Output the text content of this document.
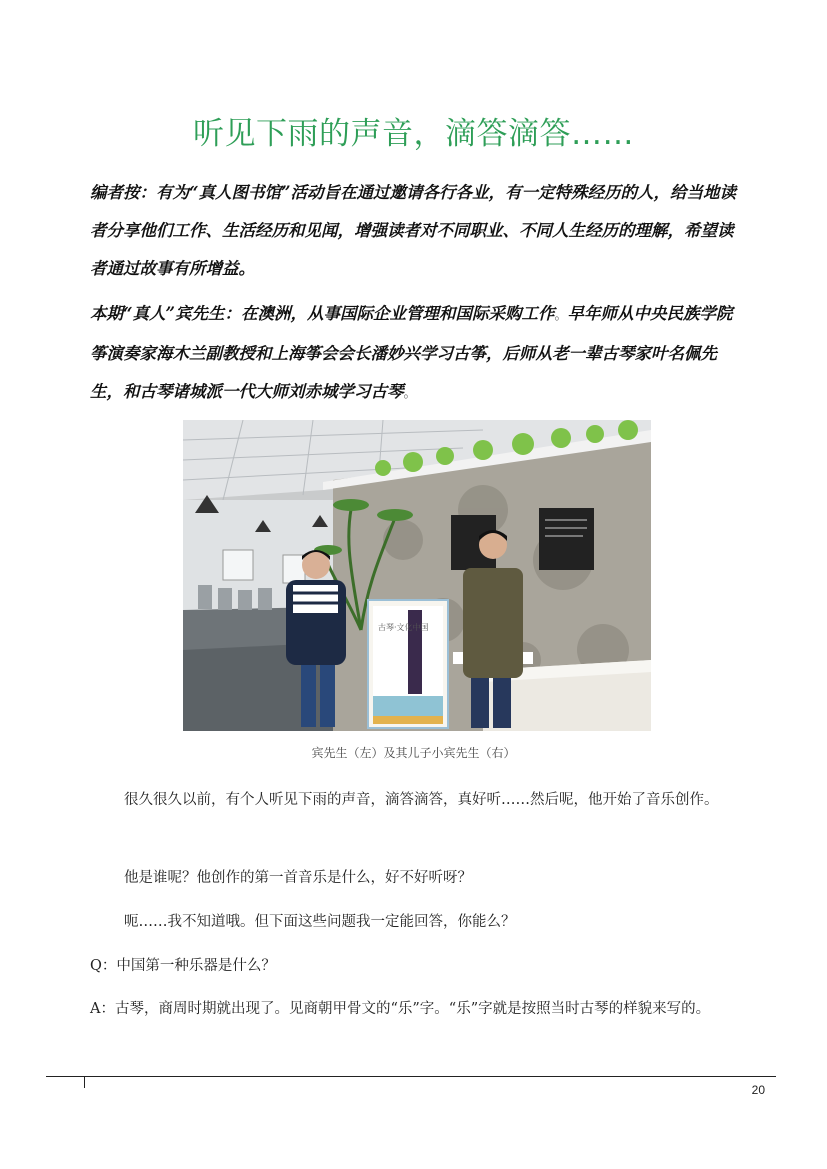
听见下雨的声音，滴答滴答……
编者按：有为“真人图书馆”活动旨在通过邀请各行各业，有一定特殊经历的人，给当地读者分享他们工作、生活经历和见闻，增强读者对不同职业、不同人生经历的理解，希望读者通过故事有所增益。
本期“真人”宾先生：在澳洲，从事国际企业管理和国际采购工作。早年师从中央民族学院筝演奏家海木兰副教授和上海筝会会长潘妙兴学习古筝，后师从老一辈古琴家叶名佩先生，和古琴诸城派一代大师刘赤城学习古琴。
古琴·文化中国
宾先生（左）及其儿子小宾先生（右）
很久很久以前，有个人听见下雨的声音，滴答滴答，真好听……然后呢，他开始了音乐创作。
他是谁呢？他创作的第一首音乐是什么，好不好听呀？
呃……我不知道哦。但下面这些问题我一定能回答，你能么？
Q：中国第一种乐器是什么？
A：古琴，商周时期就出现了。见商朝甲骨文的“乐”字。“乐”字就是按照当时古琴的样貌来写的。
20
